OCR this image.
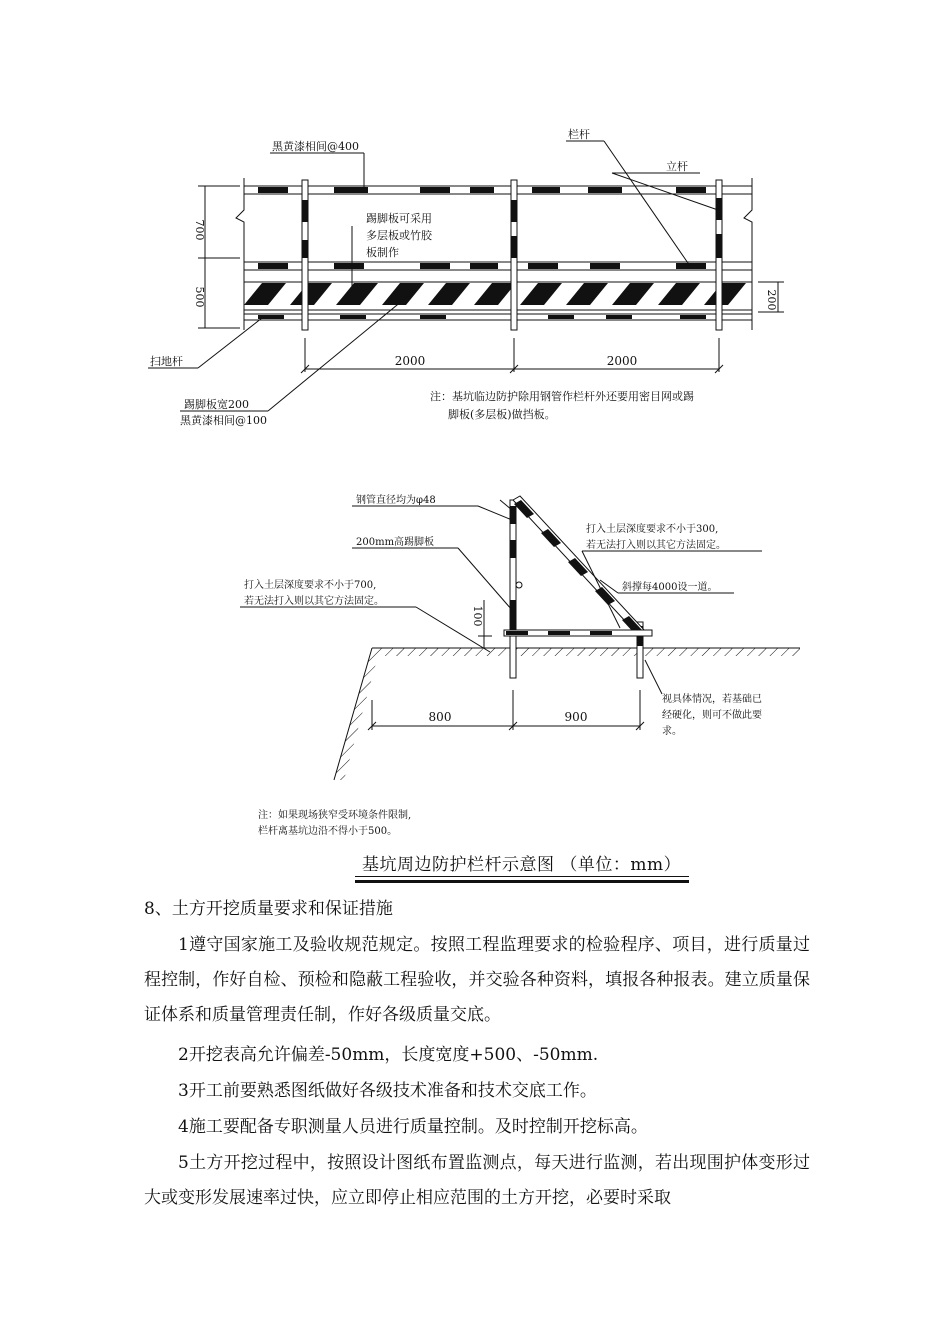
700
500	200
2000	2000
黑黄漆相间@400
栏杆
立杆
踢脚板可采用
多层板或竹胶
板制作
扫地杆
踢脚板宽200
黑黄漆相间@100
注：基坑临边防护除用钢管作栏杆外还要用密目网或踢
脚板(多层板)做挡板。
100
800	900
钢管直径均为φ48
200mm高踢脚板
打入土层深度要求不小于700,
若无法打入则以其它方法固定。
打入土层深度要求不小于300,
若无法打入则以其它方法固定。
斜撑每4000设一道。
视具体情况，若基础已
经硬化，则可不做此要
求。
注：如果现场狭窄受环境条件限制,
栏杆离基坑边沿不得小于500。
基坑周边防护栏杆示意图 （单位：mm）
8、土方开挖质量要求和保证措施

1遵守国家施工及验收规范规定。按照工程监理要求的检验程序、项目，进行质量过程控制，作好自检、预检和隐蔽工程验收，并交验各种资料，填报各种报表。建立质量保证体系和质量管理责任制，作好各级质量交底。

2开挖表高允许偏差-50mm，长度宽度+500、-50mm.

3开工前要熟悉图纸做好各级技术准备和技术交底工作。

4施工要配备专职测量人员进行质量控制。及时控制开挖标高。

5土方开挖过程中，按照设计图纸布置监测点，每天进行监测，若出现围护体变形过大或变形发展速率过快，应立即停止相应范围的土方开挖，必要时采取
